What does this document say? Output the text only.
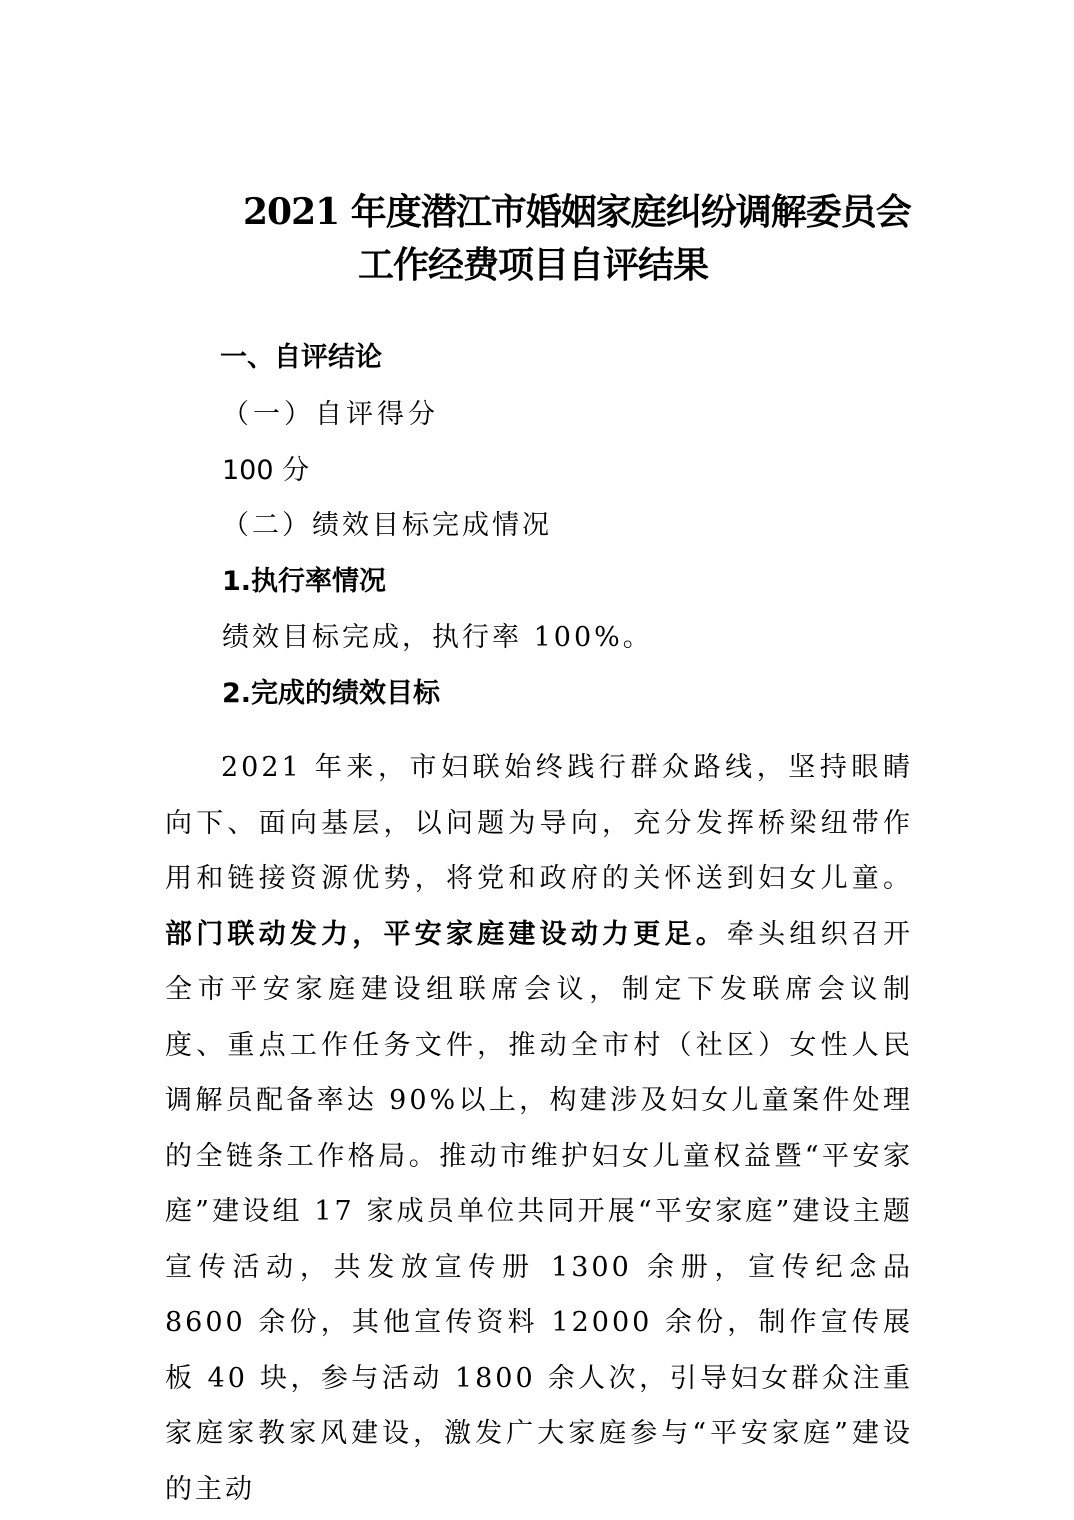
2021 年度潜江市婚姻家庭纠纷调解委员会
工作经费项目自评结果
一、自评结论
（一）自评得分
100 分
（二）绩效目标完成情况
1.执行率情况
绩效目标完成，执行率 100%。
2.完成的绩效目标
2021 年来，市妇联始终践行群众路线，坚持眼睛向下、面向基层，以问题为导向，充分发挥桥梁纽带作用和链接资源优势，将党和政府的关怀送到妇女儿童。部门联动发力，平安家庭建设动力更足。牵头组织召开全市平安家庭建设组联席会议，制定下发联席会议制度、重点工作任务文件，推动全市村（社区）女性人民调解员配备率达 90%以上，构建涉及妇女儿童案件处理的全链条工作格局。推动市维护妇女儿童权益暨“平安家庭”建设组 17 家成员单位共同开展“平安家庭”建设主题宣传活动，共发放宣传册 1300 余册，宣传纪念品 8600 余份，其他宣传资料 12000 余份，制作宣传展板 40 块，参与活动 1800 余人次，引导妇女群众注重家庭家教家风建设，激发广大家庭参与“平安家庭”建设的主动
